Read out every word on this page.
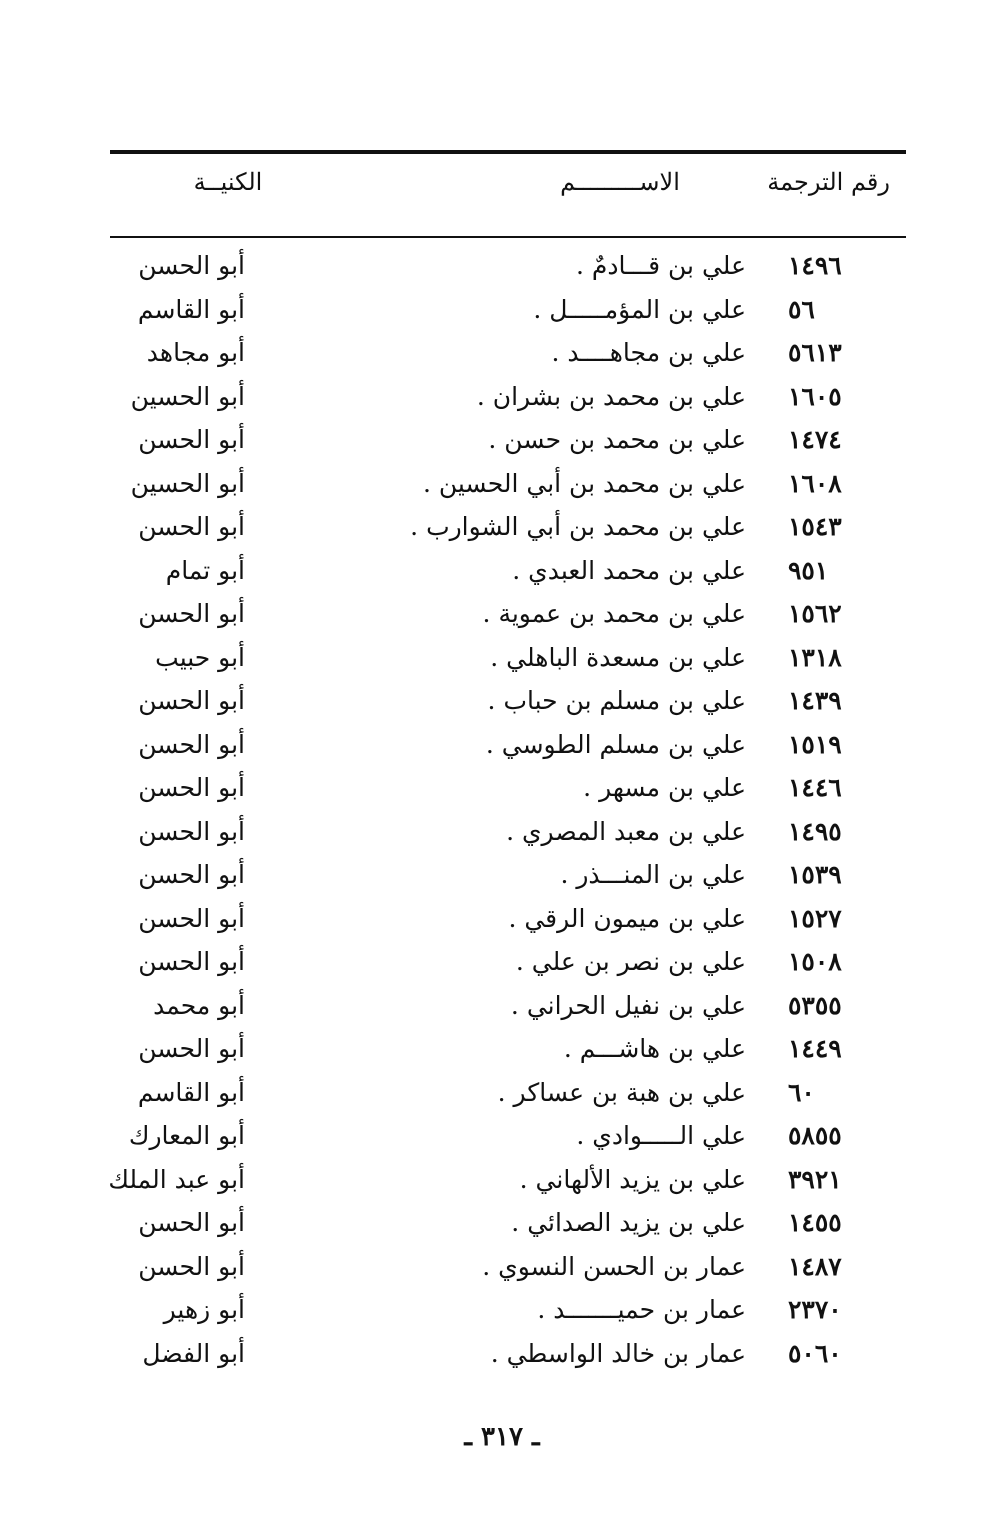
رقم الترجمة
الاســـــــــم
الكنيــة
١٤٩٦
علي بن قـــادمٌ .
أبو الحسن
٥٦
علي بن المؤمـــــل .
أبو القاسم
٥٦١٣
علي بن مجاهــــد .
أبو مجاهد
١٦٠٥
علي بن محمد بن بشران .
أبو الحسين
١٤٧٤
علي بن محمد بن حسن .
أبو الحسن
١٦٠٨
علي بن محمد بن أبي الحسين .
أبو الحسين
١٥٤٣
علي بن محمد بن أبي الشوارب .
أبو الحسن
٩٥١
علي بن محمد العبدي .
أبو تمام
١٥٦٢
علي بن محمد بن عموية .
أبو الحسن
١٣١٨
علي بن مسعدة الباهلي .
أبو حبيب
١٤٣٩
علي بن مسلم بن حباب .
أبو الحسن
١٥١٩
علي بن مسلم الطوسي .
أبو الحسن
١٤٤٦
علي بن مسهر .
أبو الحسن
١٤٩٥
علي بن معبد المصري .
أبو الحسن
١٥٣٩
علي بن المنـــذر .
أبو الحسن
١٥٢٧
علي بن ميمون الرقي .
أبو الحسن
١٥٠٨
علي بن نصر بن علي .
أبو الحسن
٥٣٥٥
علي بن نفيل الحراني .
أبو محمد
١٤٤٩
علي بن هاشـــم .
أبو الحسن
٦٠
علي بن هبة بن عساكر .
أبو القاسم
٥٨٥٥
علي الـــــوادي .
أبو المعارك
٣٩٢١
علي بن يزيد الألهاني .
أبو عبد الملك
١٤٥٥
علي بن يزيد الصدائي .
أبو الحسن
١٤٨٧
عمار بن الحسن النسوي .
أبو الحسن
٢٣٧٠
عمار بن حميـــــــد .
أبو زهير
٥٠٦٠
عمار بن خالد الواسطي .
أبو الفضل
ـ ٣١٧ ـ
